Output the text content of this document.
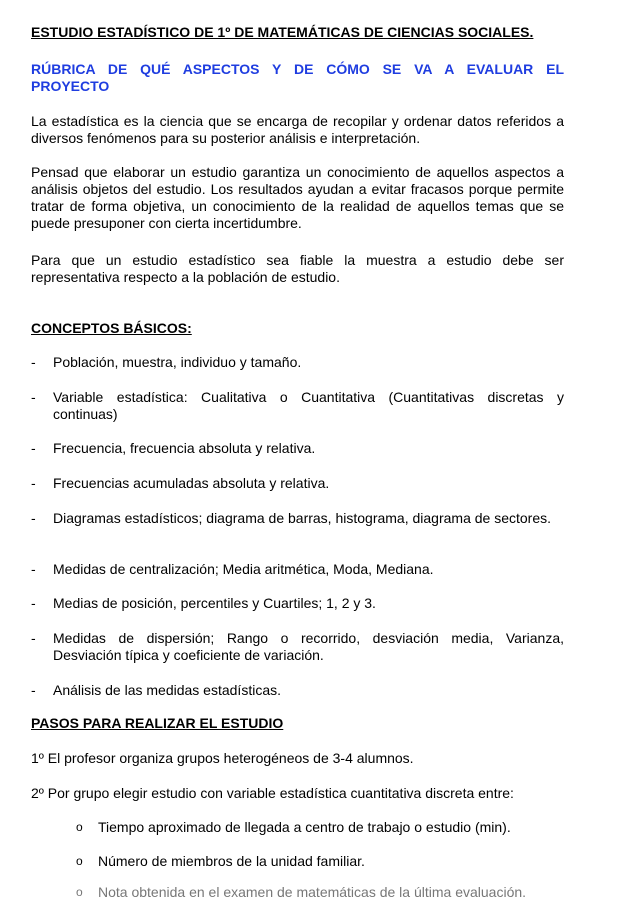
ESTUDIO ESTADÍSTICO DE 1º DE MATEMÁTICAS DE CIENCIAS SOCIALES.
RÚBRICA DE QUÉ ASPECTOS Y DE CÓMO SE VA A EVALUAR EL PROYECTO
La estadística es la ciencia que se encarga de recopilar y ordenar datos referidos a diversos fenómenos para su posterior análisis e interpretación.
Pensad que elaborar un estudio garantiza un conocimiento de aquellos aspectos a análisis objetos del estudio. Los resultados ayudan a evitar fracasos porque permite tratar de forma objetiva, un conocimiento de la realidad de aquellos temas que se puede presuponer con cierta incertidumbre.
Para que un estudio estadístico sea fiable la muestra a estudio debe ser representativa respecto a la población de estudio.
CONCEPTOS BÁSICOS:
- Población, muestra, individuo y tamaño.
- Variable estadística: Cualitativa o Cuantitativa (Cuantitativas discretas y continuas)
- Frecuencia, frecuencia absoluta y relativa.
- Frecuencias acumuladas absoluta y relativa.
- Diagramas estadísticos; diagrama de barras, histograma, diagrama de sectores.
- Medidas de centralización; Media aritmética, Moda, Mediana.
- Medias de posición, percentiles y Cuartiles; 1, 2 y 3.
- Medidas de dispersión; Rango o recorrido, desviación media, Varianza, Desviación típica y coeficiente de variación.
- Análisis de las medidas estadísticas.
PASOS PARA REALIZAR EL ESTUDIO
1º El profesor organiza grupos heterogéneos de 3-4 alumnos.
2º Por grupo elegir estudio con variable estadística cuantitativa discreta entre:
o Tiempo aproximado de llegada a centro de trabajo o estudio (min).
o Número de miembros de la unidad familiar.
o Nota obtenida en el examen de matemáticas de la última evaluación.
